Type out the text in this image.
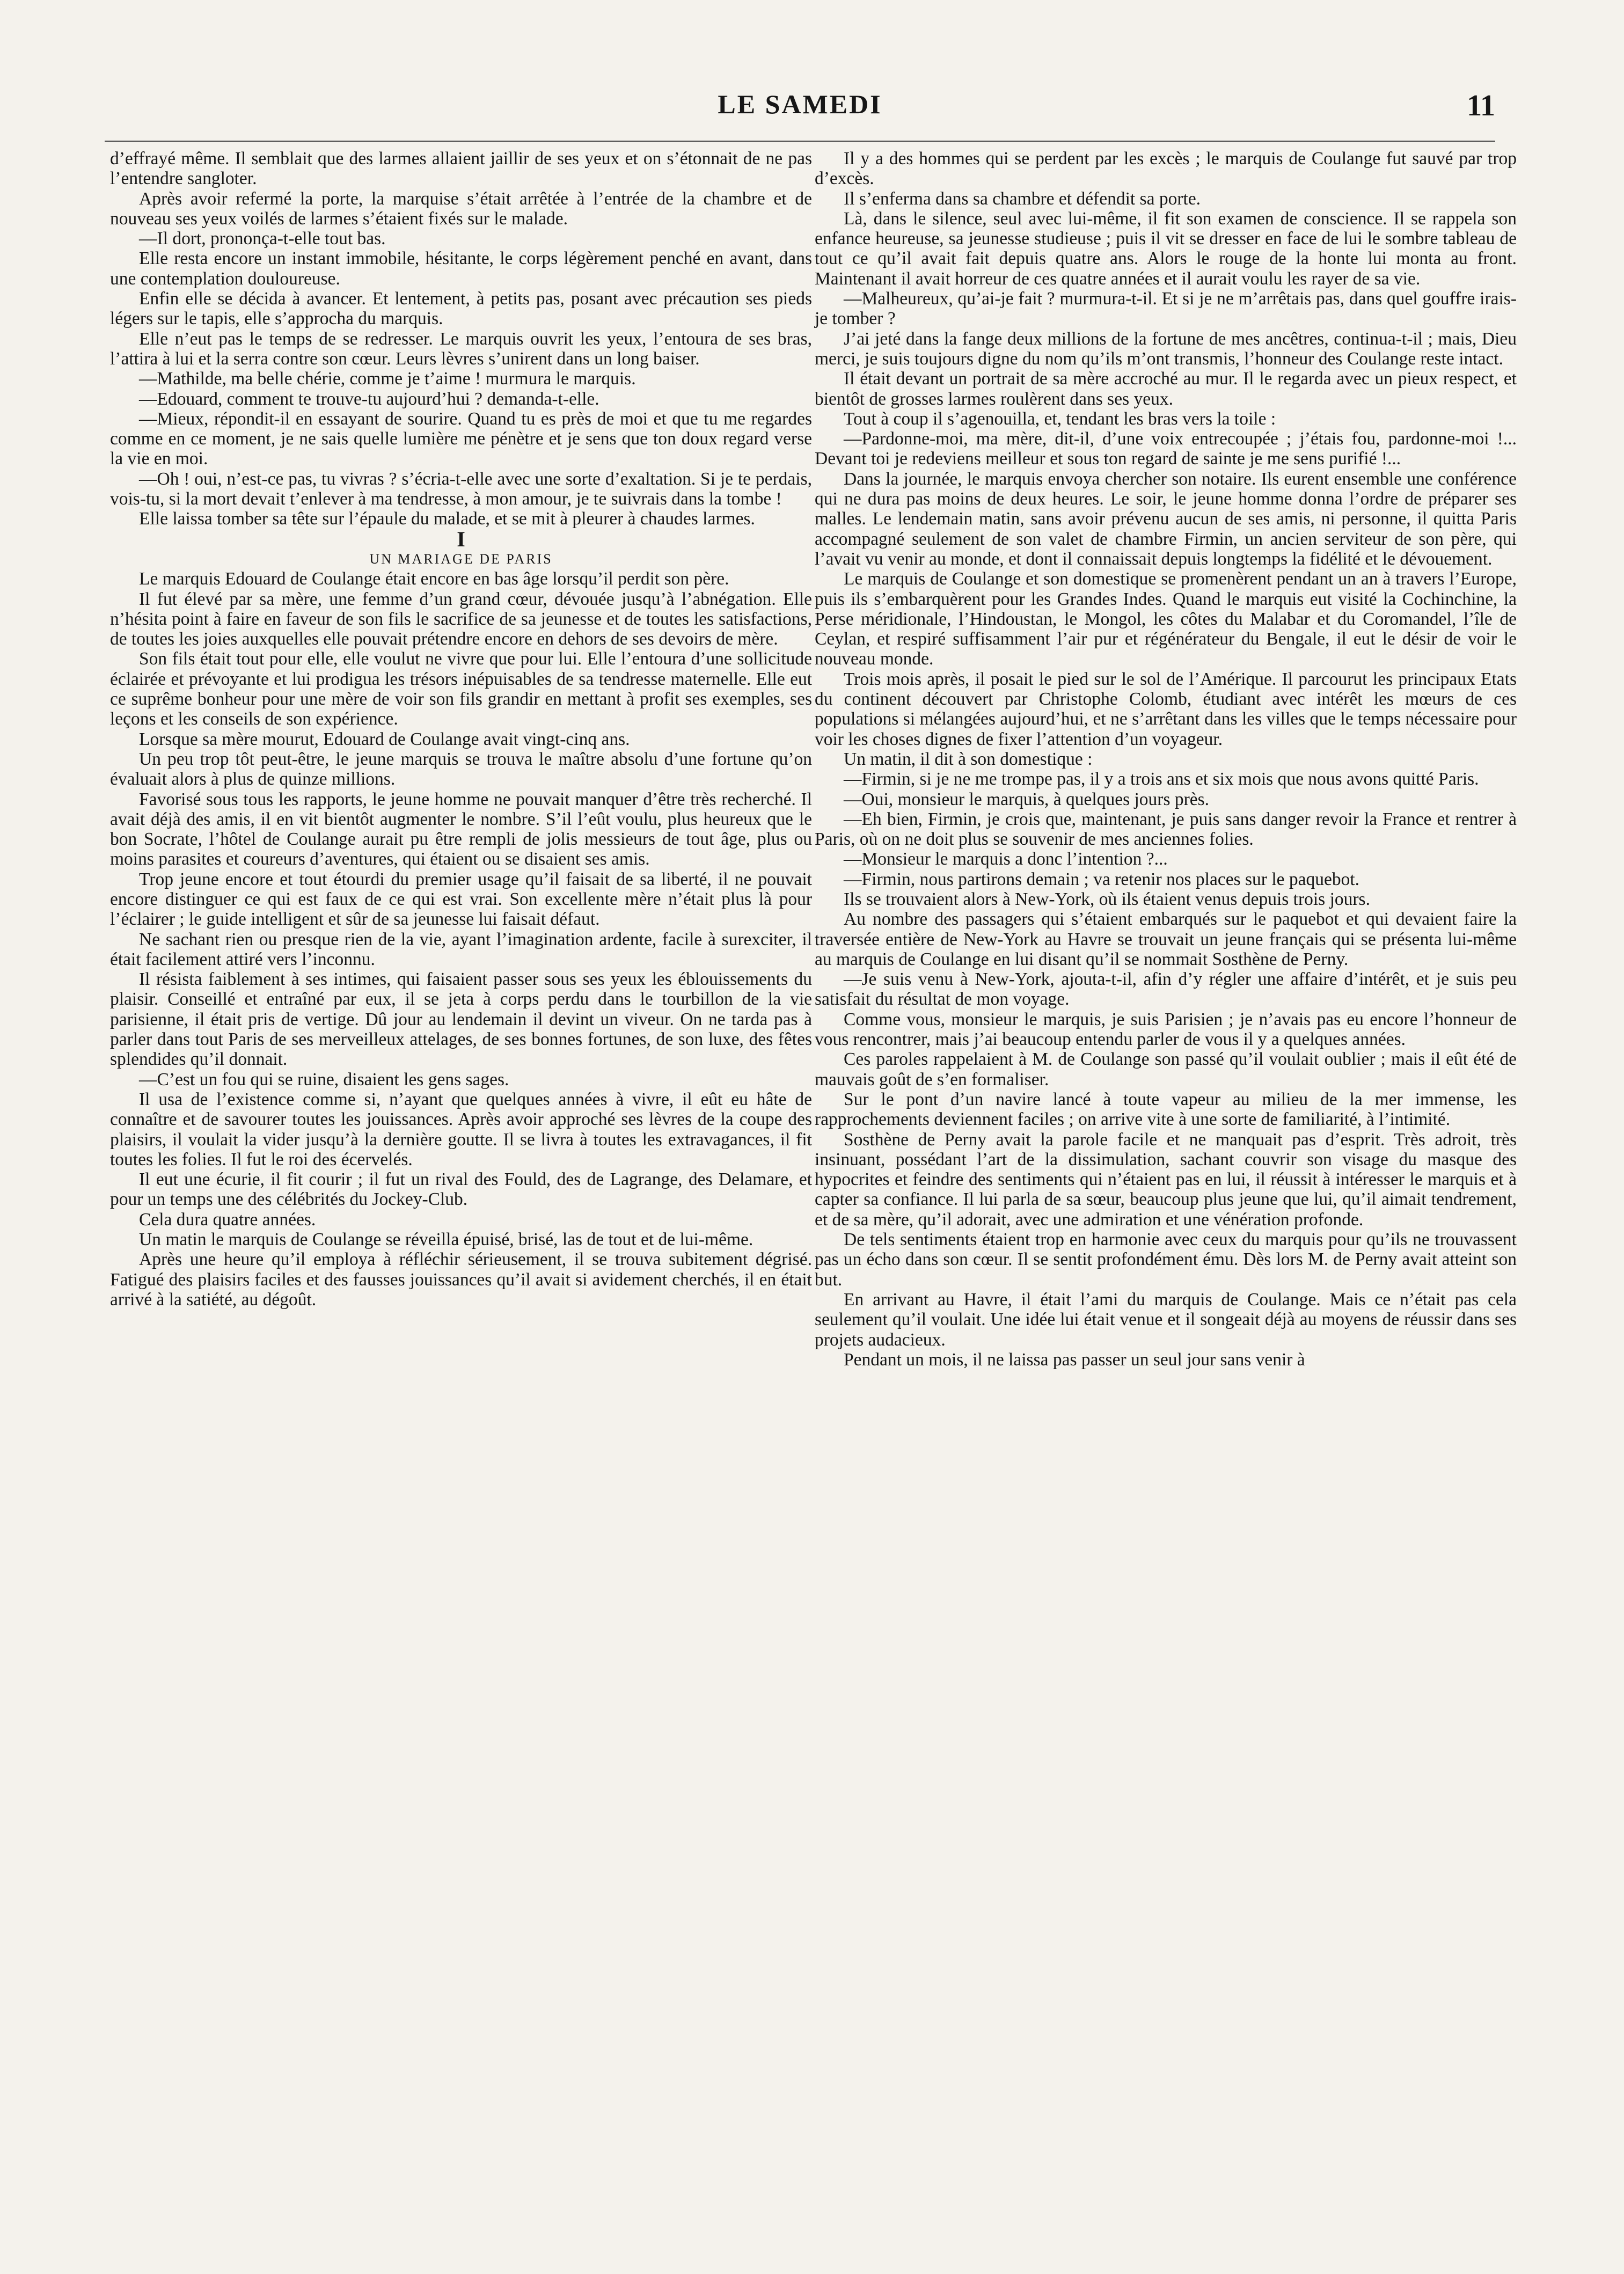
LE SAMEDI	11

d’effrayé même. Il semblait que des larmes allaient jaillir de ses yeux et on s’étonnait de ne pas l’entendre sangloter.

Après avoir refermé la porte, la marquise s’était arrêtée à l’entrée de la chambre et de nouveau ses yeux voilés de larmes s’étaient fixés sur le malade.

—Il dort, prononça-t-elle tout bas.

Elle resta encore un instant immobile, hésitante, le corps légèrement penché en avant, dans une contemplation douloureuse.

Enfin elle se décida à avancer. Et lentement, à petits pas, posant avec précaution ses pieds légers sur le tapis, elle s’approcha du marquis.

Elle n’eut pas le temps de se redresser. Le marquis ouvrit les yeux, l’entoura de ses bras, l’attira à lui et la serra contre son cœur. Leurs lèvres s’unirent dans un long baiser.

—Mathilde, ma belle chérie, comme je t’aime ! murmura le marquis.

—Edouard, comment te trouve-tu aujourd’hui ? demanda-t-elle.

—Mieux, répondit-il en essayant de sourire. Quand tu es près de moi et que tu me regardes comme en ce moment, je ne sais quelle lumière me pénètre et je sens que ton doux regard verse la vie en moi.

—Oh ! oui, n’est-ce pas, tu vivras ? s’écria-t-elle avec une sorte d’exaltation. Si je te perdais, vois-tu, si la mort devait t’enlever à ma tendresse, à mon amour, je te suivrais dans la tombe !

Elle laissa tomber sa tête sur l’épaule du malade, et se mit à pleurer à chaudes larmes.

I

UN MARIAGE DE PARIS

Le marquis Edouard de Coulange était encore en bas âge lorsqu’il perdit son père.

Il fut élevé par sa mère, une femme d’un grand cœur, dévouée jusqu’à l’abnégation. Elle n’hésita point à faire en faveur de son fils le sacrifice de sa jeunesse et de toutes les satisfactions, de toutes les joies auxquelles elle pouvait prétendre encore en dehors de ses devoirs de mère.

Son fils était tout pour elle, elle voulut ne vivre que pour lui. Elle l’entoura d’une sollicitude éclairée et prévoyante et lui prodigua les trésors inépuisables de sa tendresse maternelle. Elle eut ce suprême bonheur pour une mère de voir son fils grandir en mettant à profit ses exemples, ses leçons et les conseils de son expérience.

Lorsque sa mère mourut, Edouard de Coulange avait vingt-cinq ans.

Un peu trop tôt peut-être, le jeune marquis se trouva le maître absolu d’une fortune qu’on évaluait alors à plus de quinze millions.

Favorisé sous tous les rapports, le jeune homme ne pouvait manquer d’être très recherché. Il avait déjà des amis, il en vit bientôt augmenter le nombre. S’il l’eût voulu, plus heureux que le bon Socrate, l’hôtel de Coulange aurait pu être rempli de jolis messieurs de tout âge, plus ou moins parasites et coureurs d’aventures, qui étaient ou se disaient ses amis.

Trop jeune encore et tout étourdi du premier usage qu’il faisait de sa liberté, il ne pouvait encore distinguer ce qui est faux de ce qui est vrai. Son excellente mère n’était plus là pour l’éclairer ; le guide intelligent et sûr de sa jeunesse lui faisait défaut.

Ne sachant rien ou presque rien de la vie, ayant l’imagination ardente, facile à surexciter, il était facilement attiré vers l’inconnu.

Il résista faiblement à ses intimes, qui faisaient passer sous ses yeux les éblouissements du plaisir. Conseillé et entraîné par eux, il se jeta à corps perdu dans le tourbillon de la vie parisienne, il était pris de vertige. Dû jour au lendemain il devint un viveur. On ne tarda pas à parler dans tout Paris de ses merveilleux attelages, de ses bonnes fortunes, de son luxe, des fêtes splendides qu’il donnait.

—C’est un fou qui se ruine, disaient les gens sages.

Il usa de l’existence comme si, n’ayant que quelques années à vivre, il eût eu hâte de connaître et de savourer toutes les jouissances. Après avoir approché ses lèvres de la coupe des plaisirs, il voulait la vider jusqu’à la dernière goutte. Il se livra à toutes les extravagances, il fit toutes les folies. Il fut le roi des écervelés.

Il eut une écurie, il fit courir ; il fut un rival des Fould, des de Lagrange, des Delamare, et pour un temps une des célébrités du Jockey-Club.

Cela dura quatre années.

Un matin le marquis de Coulange se réveilla épuisé, brisé, las de tout et de lui-même.

Après une heure qu’il employa à réfléchir sérieusement, il se trouva subitement dégrisé. Fatigué des plaisirs faciles et des fausses jouissances qu’il avait si avidement cherchés, il en était arrivé à la satiété, au dégoût.

Il y a des hommes qui se perdent par les excès ; le marquis de Coulange fut sauvé par trop d’excès.

Il s’enferma dans sa chambre et défendit sa porte.

Là, dans le silence, seul avec lui-même, il fit son examen de conscience. Il se rappela son enfance heureuse, sa jeunesse studieuse ; puis il vit se dresser en face de lui le sombre tableau de tout ce qu’il avait fait depuis quatre ans. Alors le rouge de la honte lui monta au front. Maintenant il avait horreur de ces quatre années et il aurait voulu les rayer de sa vie.

—Malheureux, qu’ai-je fait ? murmura-t-il. Et si je ne m’arrêtais pas, dans quel gouffre irais-je tomber ?

J’ai jeté dans la fange deux millions de la fortune de mes ancêtres, continua-t-il ; mais, Dieu merci, je suis toujours digne du nom qu’ils m’ont transmis, l’honneur des Coulange reste intact.

Il était devant un portrait de sa mère accroché au mur. Il le regarda avec un pieux respect, et bientôt de grosses larmes roulèrent dans ses yeux.

Tout à coup il s’agenouilla, et, tendant les bras vers la toile :

—Pardonne-moi, ma mère, dit-il, d’une voix entrecoupée ; j’étais fou, pardonne-moi !... Devant toi je redeviens meilleur et sous ton regard de sainte je me sens purifié !...

Dans la journée, le marquis envoya chercher son notaire. Ils eurent ensemble une conférence qui ne dura pas moins de deux heures. Le soir, le jeune homme donna l’ordre de préparer ses malles. Le lendemain matin, sans avoir prévenu aucun de ses amis, ni personne, il quitta Paris accompagné seulement de son valet de chambre Firmin, un ancien serviteur de son père, qui l’avait vu venir au monde, et dont il connaissait depuis longtemps la fidélité et le dévouement.

Le marquis de Coulange et son domestique se promenèrent pendant un an à travers l’Europe, puis ils s’embarquèrent pour les Grandes Indes. Quand le marquis eut visité la Cochinchine, la Perse méridionale, l’Hindoustan, le Mongol, les côtes du Malabar et du Coromandel, l’île de Ceylan, et respiré suffisamment l’air pur et régénérateur du Bengale, il eut le désir de voir le nouveau monde.

Trois mois après, il posait le pied sur le sol de l’Amérique. Il parcourut les principaux Etats du continent découvert par Christophe Colomb, étudiant avec intérêt les mœurs de ces populations si mélangées aujourd’hui, et ne s’arrêtant dans les villes que le temps nécessaire pour voir les choses dignes de fixer l’attention d’un voyageur.

Un matin, il dit à son domestique :

—Firmin, si je ne me trompe pas, il y a trois ans et six mois que nous avons quitté Paris.

—Oui, monsieur le marquis, à quelques jours près.

—Eh bien, Firmin, je crois que, maintenant, je puis sans danger revoir la France et rentrer à Paris, où on ne doit plus se souvenir de mes anciennes folies.

—Monsieur le marquis a donc l’intention ?...

—Firmin, nous partirons demain ; va retenir nos places sur le paquebot.

Ils se trouvaient alors à New-York, où ils étaient venus depuis trois jours.

Au nombre des passagers qui s’étaient embarqués sur le paquebot et qui devaient faire la traversée entière de New-York au Havre se trouvait un jeune français qui se présenta lui-même au marquis de Coulange en lui disant qu’il se nommait Sosthène de Perny.

—Je suis venu à New-York, ajouta-t-il, afin d’y régler une affaire d’intérêt, et je suis peu satisfait du résultat de mon voyage.

Comme vous, monsieur le marquis, je suis Parisien ; je n’avais pas eu encore l’honneur de vous rencontrer, mais j’ai beaucoup entendu parler de vous il y a quelques années.

Ces paroles rappelaient à M. de Coulange son passé qu’il voulait oublier ; mais il eût été de mauvais goût de s’en formaliser.

Sur le pont d’un navire lancé à toute vapeur au milieu de la mer immense, les rapprochements deviennent faciles ; on arrive vite à une sorte de familiarité, à l’intimité.

Sosthène de Perny avait la parole facile et ne manquait pas d’esprit. Très adroit, très insinuant, possédant l’art de la dissimulation, sachant couvrir son visage du masque des hypocrites et feindre des sentiments qui n’étaient pas en lui, il réussit à intéresser le marquis et à capter sa confiance. Il lui parla de sa sœur, beaucoup plus jeune que lui, qu’il aimait tendrement, et de sa mère, qu’il adorait, avec une admiration et une vénération profonde.

De tels sentiments étaient trop en harmonie avec ceux du marquis pour qu’ils ne trouvassent pas un écho dans son cœur. Il se sentit profondément ému. Dès lors M. de Perny avait atteint son but.

En arrivant au Havre, il était l’ami du marquis de Coulange. Mais ce n’était pas cela seulement qu’il voulait. Une idée lui était venue et il songeait déjà au moyens de réussir dans ses projets audacieux.

Pendant un mois, il ne laissa pas passer un seul jour sans venir à
